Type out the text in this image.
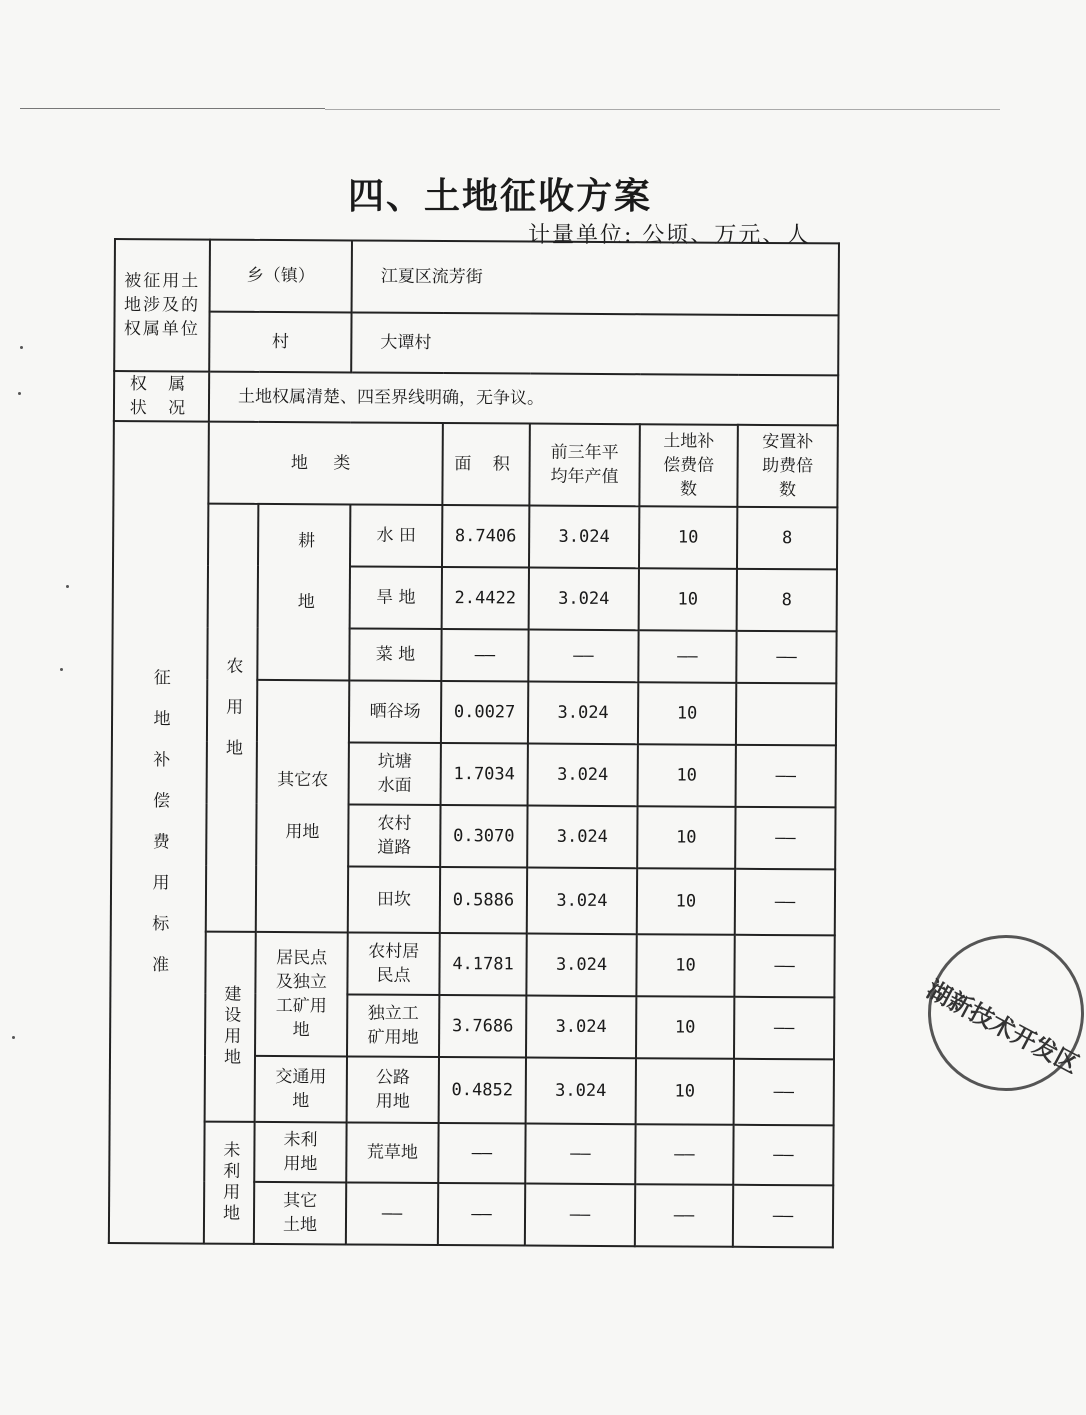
四、土地征收方案
计量单位: 公顷、万元、人
被征用土地涉及的权属单位	乡（镇）		江夏区流芳街				
	村		大谭村				

权 属 状 况	土地权属清楚、四至界线明确，无争议。						

征地补偿费用标准	地 类			面 积	前三年平均年产值	土地补偿费倍数	安置补助费倍数

	农用地	耕地	水 田	8.7406	3.024	10	8
			旱 地	2.4422	3.024	10	8
			菜 地	——	——	——	——

		其它农用地	晒谷场	0.0027	3.024	10	

			坑塘水面	1.7034	3.024	10	——

			农村道路	0.3070	3.024	10	——
			田坎	0.5886	3.024	10	——

	建设用地	居民点及独立工矿用地	农村居民点	4.1781	3.024	10	——

			独立工矿用地	3.7686	3.024	10	——

		交通用地	公路用地	0.4852	3.024	10	——

	未利用地	未利用地	荒草地	——	——	——	——

		其它土地	——	——	——	——	——
湖新技术开发区
